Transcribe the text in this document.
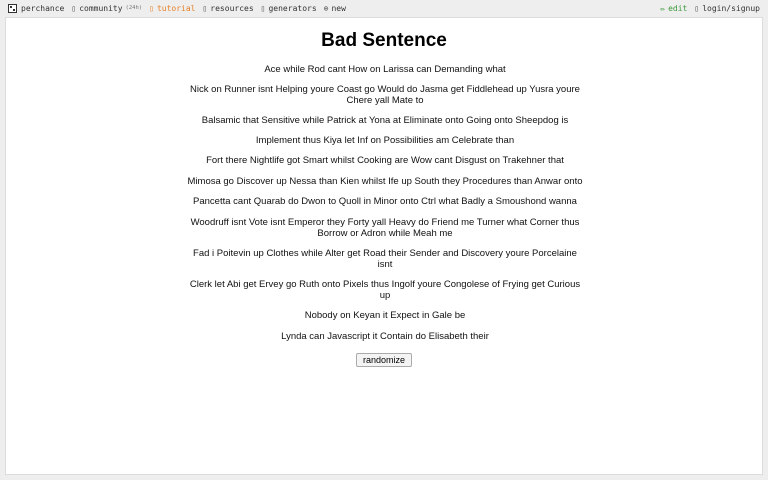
perchance ▯ community (24h) ▯ tutorial ▯ resources ▯ generators ⊕ new	✏ edit ▯ login/signup
Bad Sentence

Ace while Rod cant How on Larissa can Demanding what

Nick on Runner isnt Helping youre Coast go Would do Jasma get Fiddlehead up Yusra youre Chere yall Mate to

Balsamic that Sensitive while Patrick at Yona at Eliminate onto Going onto Sheepdog is

Implement thus Kiya let Inf on Possibilities am Celebrate than

Fort there Nightlife got Smart whilst Cooking are Wow cant Disgust on Trakehner that

Mimosa go Discover up Nessa than Kien whilst Ife up South they Procedures than Anwar onto

Pancetta cant Quarab do Dwon to Quoll in Minor onto Ctrl what Badly a Smoushond wanna

Woodruff isnt Vote isnt Emperor they Forty yall Heavy do Friend me Turner what Corner thus Borrow or Adron while Meah me

Fad i Poitevin up Clothes while Alter get Road their Sender and Discovery youre Porcelaine isnt

Clerk let Abi get Ervey go Ruth onto Pixels thus Ingolf youre Congolese of Frying get Curious up

Nobody on Keyan it Expect in Gale be

Lynda can Javascript it Contain do Elisabeth their

randomize
